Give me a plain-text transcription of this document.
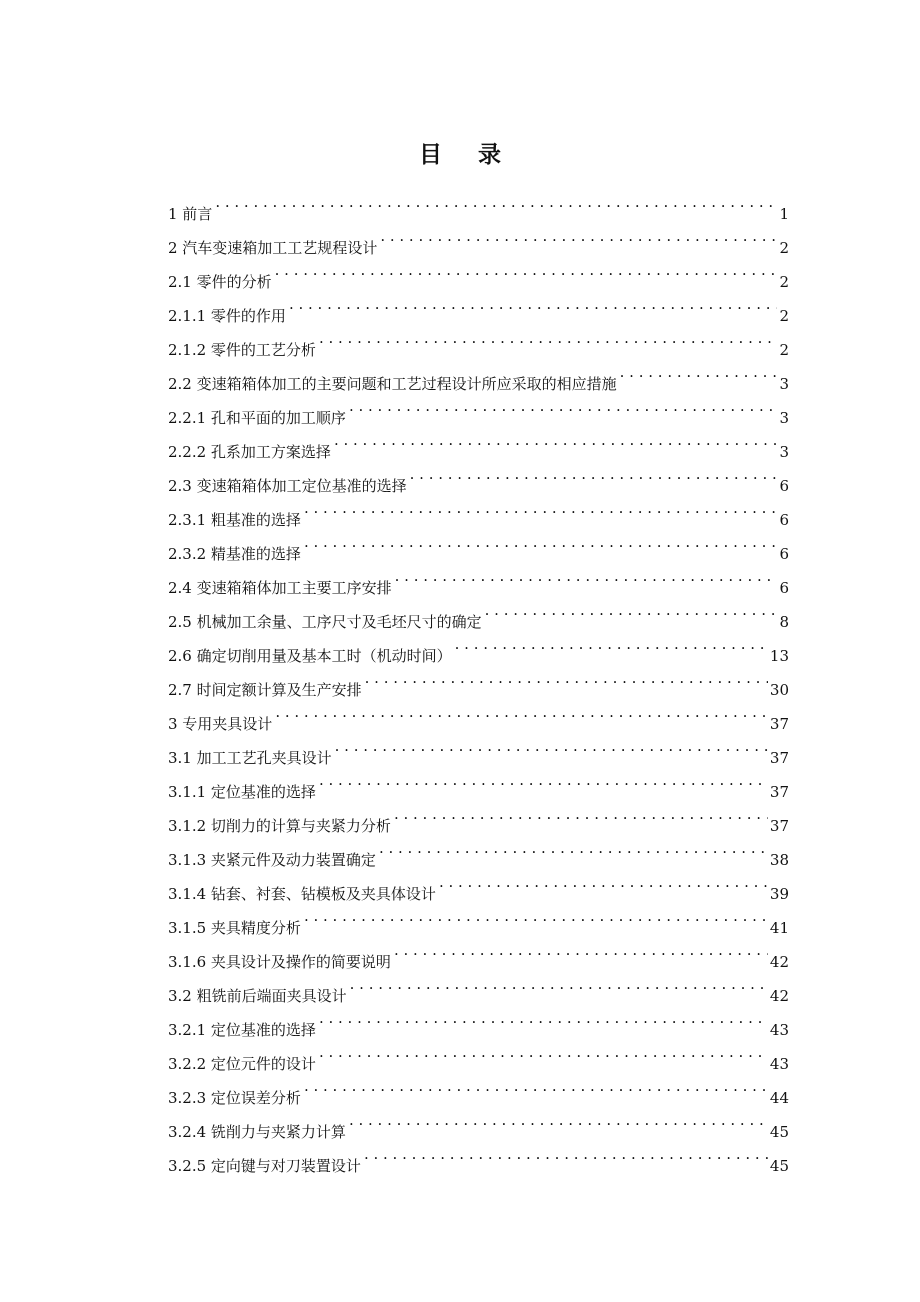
目 录
1 前言 . . .	1
2 汽车变速箱加工工艺规程设计 . . .	2
2.1 零件的分析 . . .	2
2.1.1 零件的作用 . . .	2
2.1.2 零件的工艺分析 . . .	2
2.2 变速箱箱体加工的主要问题和工艺过程设计所应采取的相应措施 . . .	3
2.2.1 孔和平面的加工顺序 . . .	3
2.2.2 孔系加工方案选择 . . .	3
2.3 变速箱箱体加工定位基准的选择 . . .	6
2.3.1 粗基准的选择 . . .	6
2.3.2 精基准的选择 . . .	6
2.4 变速箱箱体加工主要工序安排 . . .	6
2.5 机械加工余量、工序尺寸及毛坯尺寸的确定 . . .	8
2.6 确定切削用量及基本工时（机动时间） . . .	13
2.7 时间定额计算及生产安排 . . .	30
3 专用夹具设计 . . .	37
3.1 加工工艺孔夹具设计 . . .	37
3.1.1 定位基准的选择 . . .	37
3.1.2 切削力的计算与夹紧力分析 . . .	37
3.1.3 夹紧元件及动力装置确定 . . .	38
3.1.4 钻套、衬套、钻模板及夹具体设计 . . .	39
3.1.5 夹具精度分析 . . .	41
3.1.6 夹具设计及操作的简要说明 . . .	42
3.2 粗铣前后端面夹具设计 . . .	42
3.2.1 定位基准的选择 . . .	43
3.2.2 定位元件的设计 . . .	43
3.2.3 定位误差分析 . . .	44
3.2.4 铣削力与夹紧力计算 . . .	45
3.2.5 定向键与对刀装置设计 . . .	45
